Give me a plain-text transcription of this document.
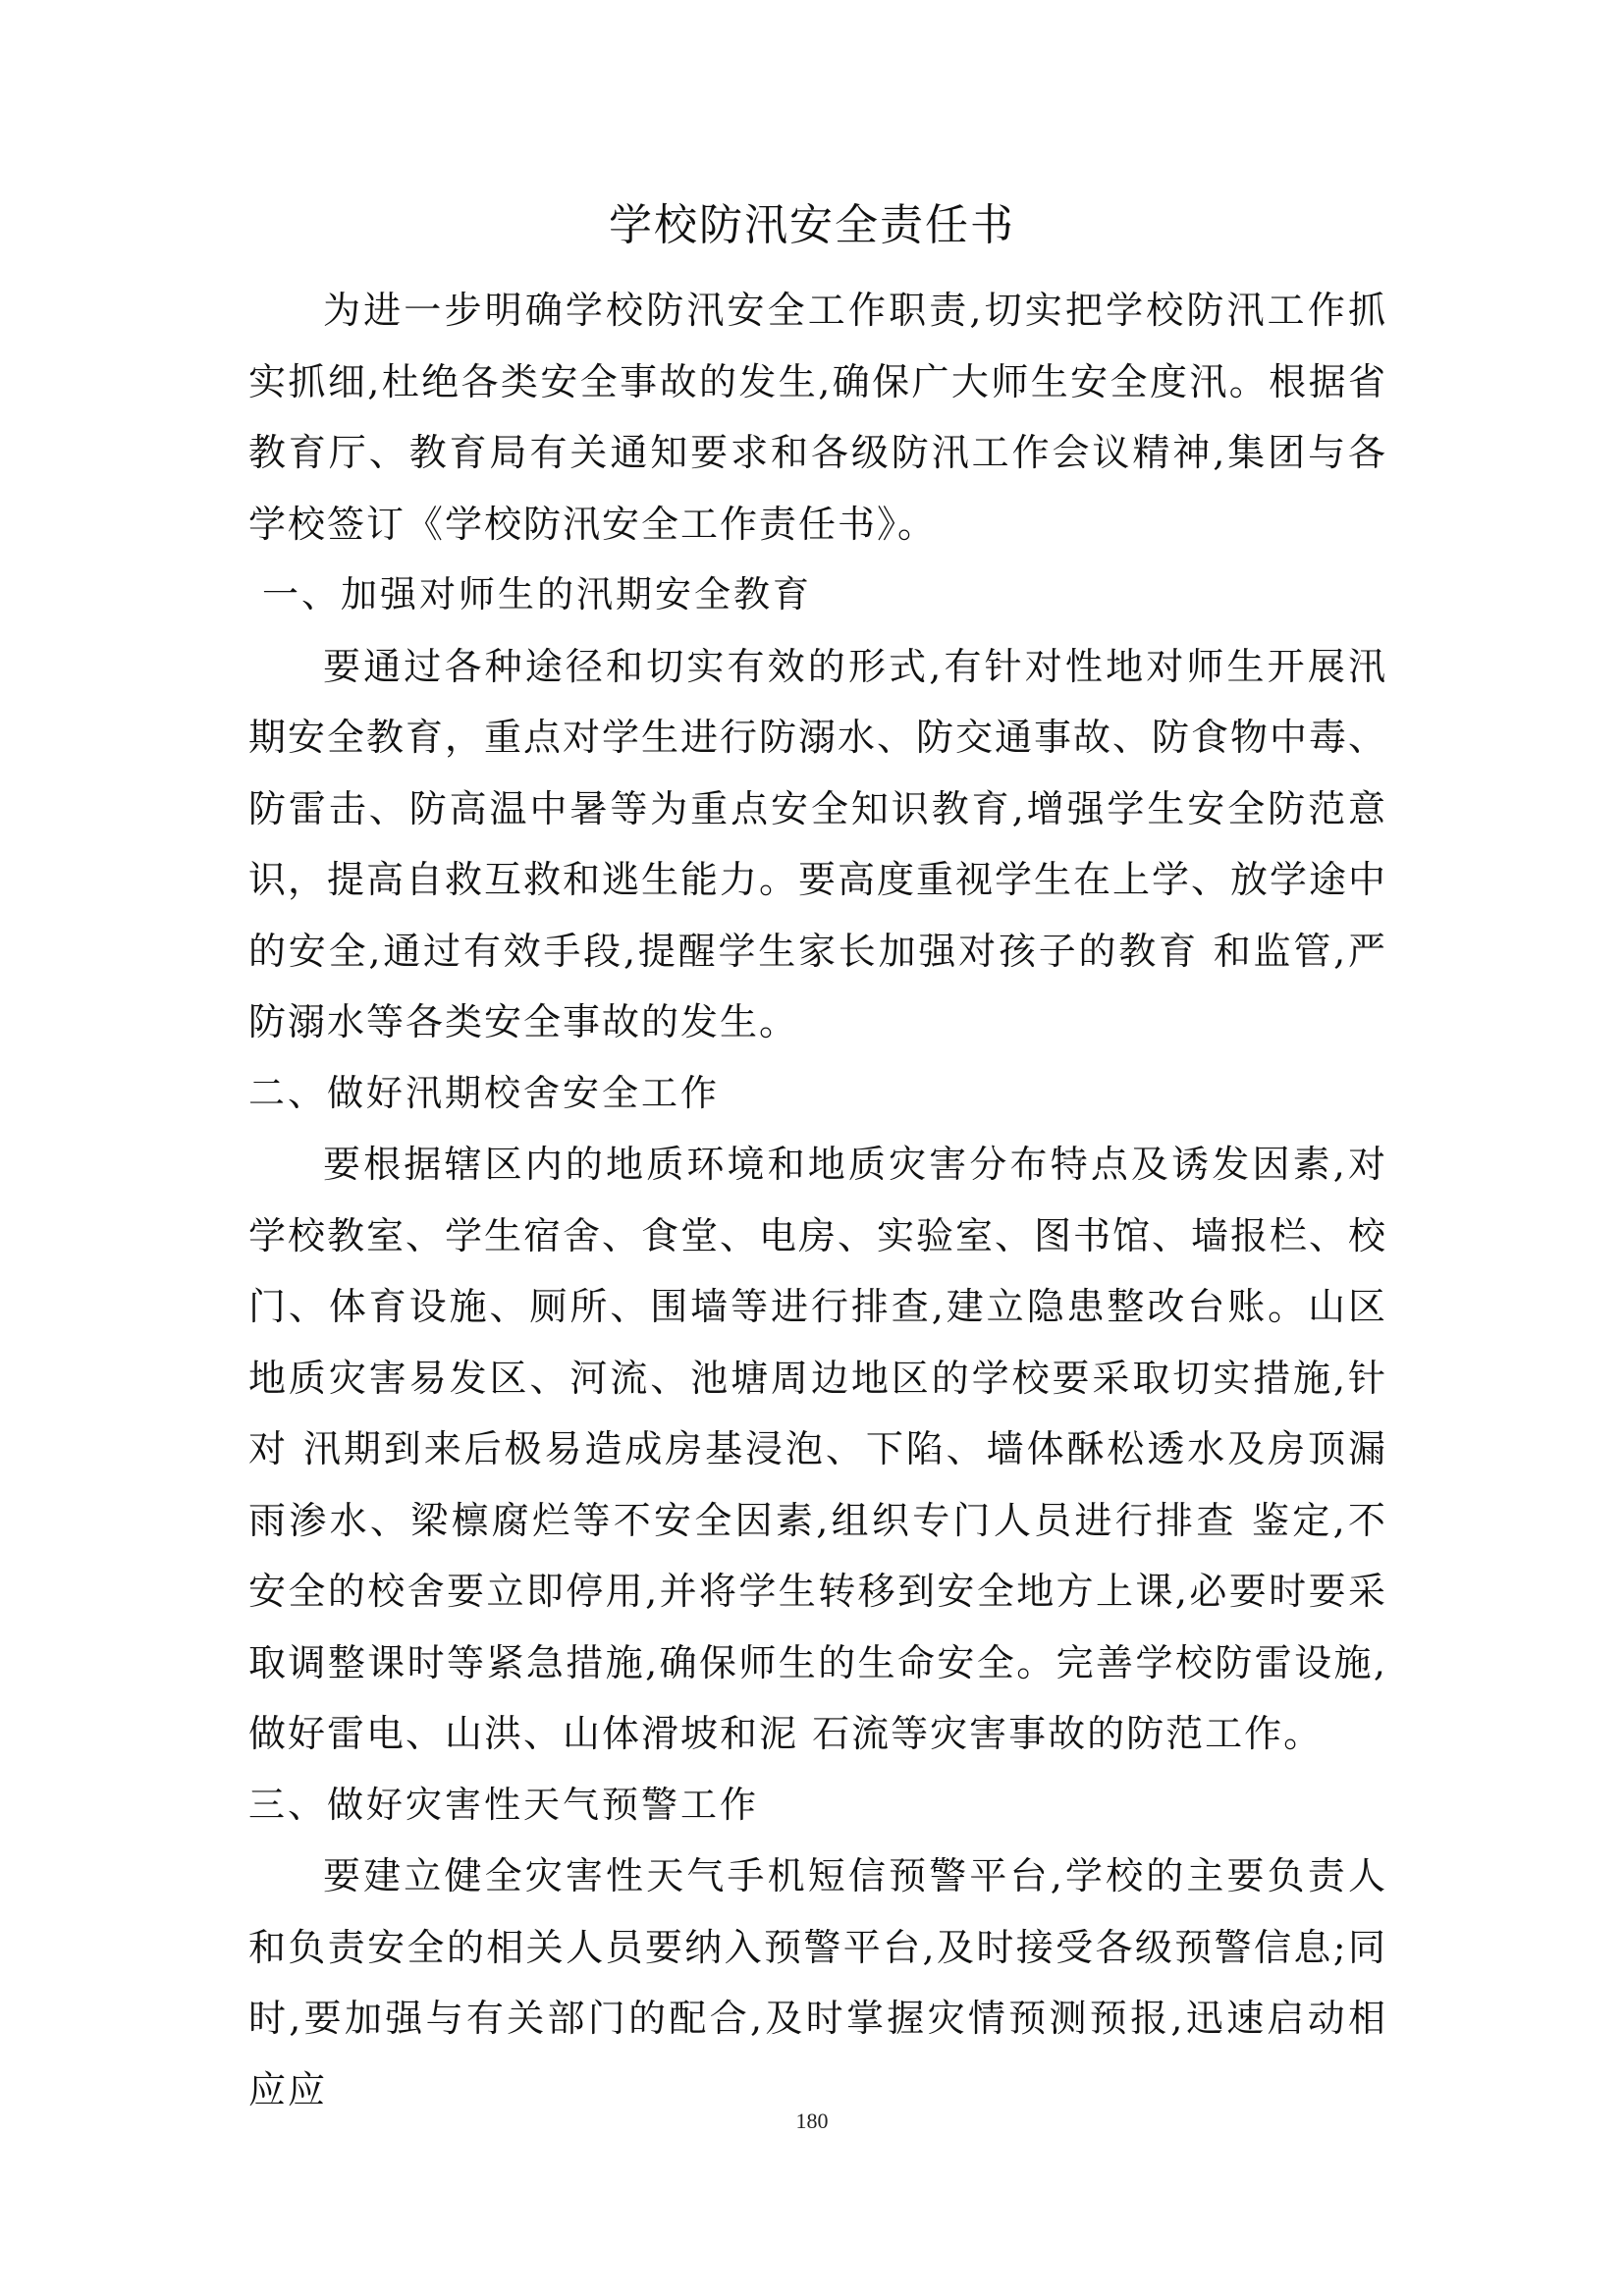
学校防汛安全责任书

为进一步明确学校防汛安全工作职责,切实把学校防汛工作抓实抓细,杜绝各类安全事故的发生,确保广大师生安全度汛。根据省教育厅、教育局有关通知要求和各级防汛工作会议精神,集团与各学校签订《学校防汛安全工作责任书》。

一、加强对师生的汛期安全教育

要通过各种途径和切实有效的形式,有针对性地对师生开展汛期安全教育，重点对学生进行防溺水、防交通事故、防食物中毒、防雷击、防高温中暑等为重点安全知识教育,增强学生安全防范意识，提高自救互救和逃生能力。要高度重视学生在上学、放学途中的安全,通过有效手段,提醒学生家长加强对孩子的教育 和监管,严防溺水等各类安全事故的发生。

二、做好汛期校舍安全工作

要根据辖区内的地质环境和地质灾害分布特点及诱发因素,对学校教室、学生宿舍、食堂、电房、实验室、图书馆、墙报栏、校门、体育设施、厕所、围墙等进行排查,建立隐患整改台账。山区地质灾害易发区、河流、池塘周边地区的学校要采取切实措施,针对 汛期到来后极易造成房基浸泡、下陷、墙体酥松透水及房顶漏雨渗水、梁檩腐烂等不安全因素,组织专门人员进行排查 鉴定,不安全的校舍要立即停用,并将学生转移到安全地方上课,必要时要采取调整课时等紧急措施,确保师生的生命安全。完善学校防雷设施,做好雷电、山洪、山体滑坡和泥 石流等灾害事故的防范工作。

三、做好灾害性天气预警工作

要建立健全灾害性天气手机短信预警平台,学校的主要负责人和负责安全的相关人员要纳入预警平台,及时接受各级预警信息;同时,要加强与有关部门的配合,及时掌握灾情预测预报,迅速启动相应应

180
